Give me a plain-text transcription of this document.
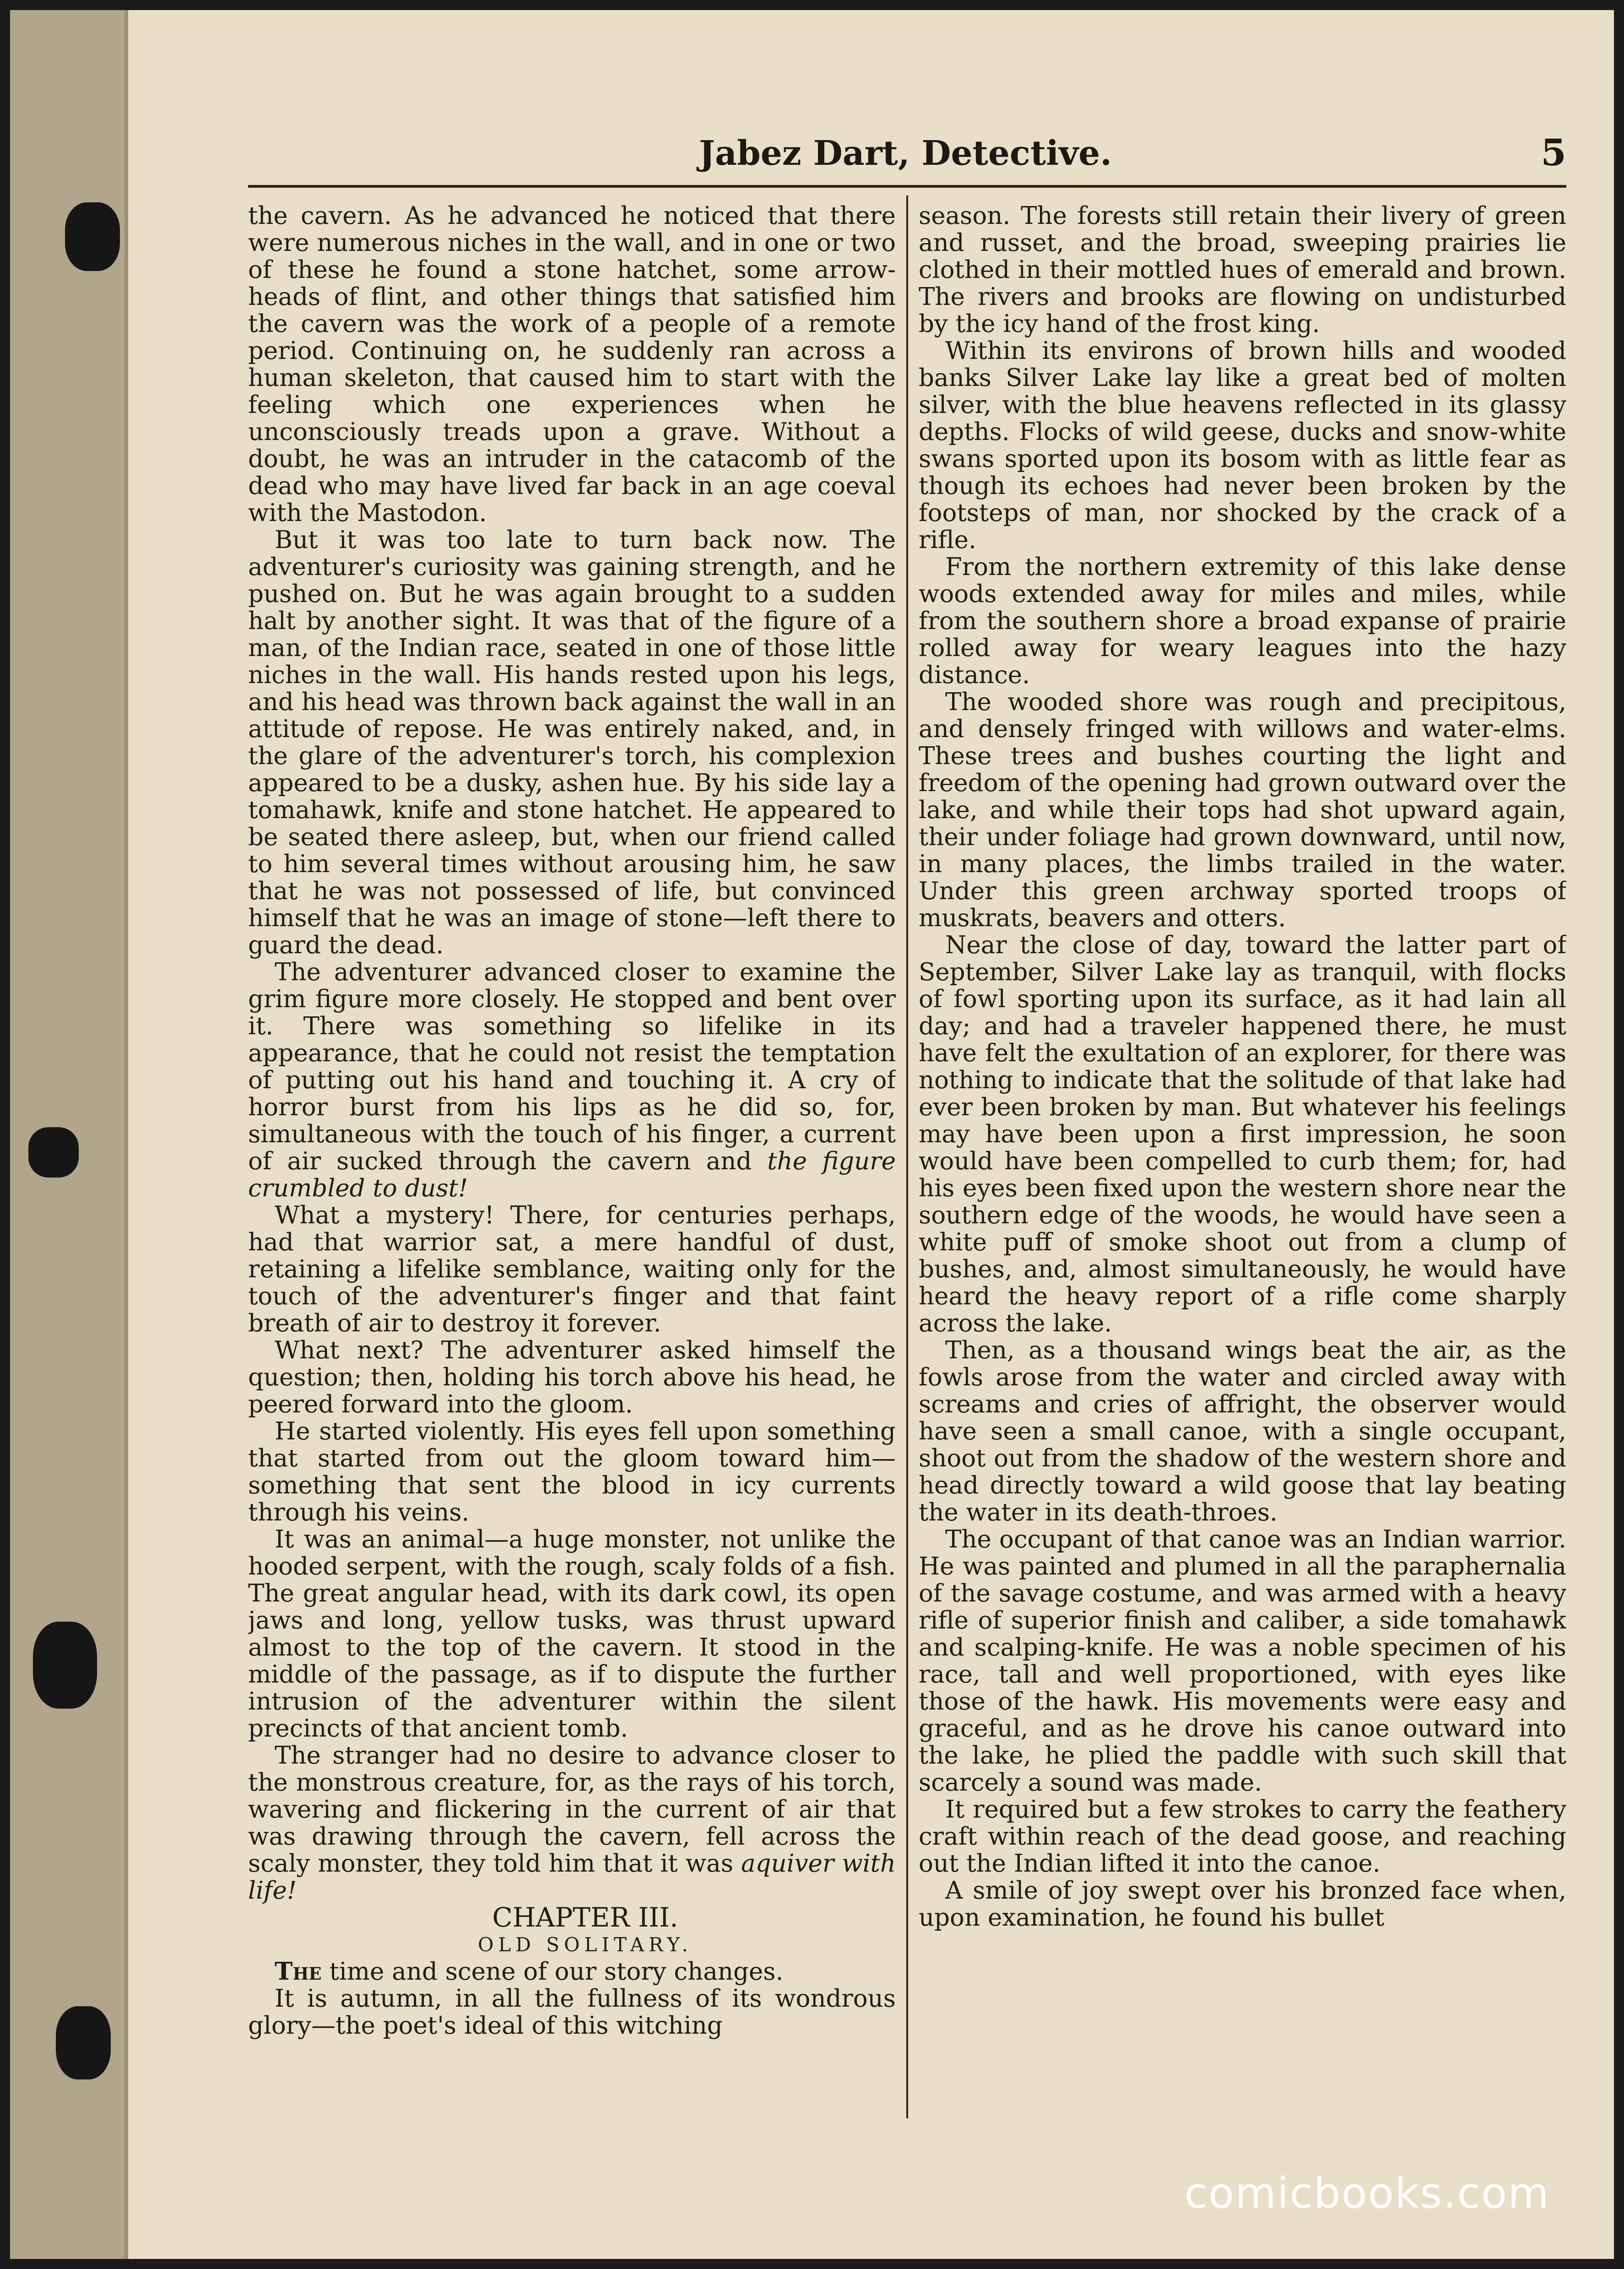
Jabez Dart, Detective.	5

the cavern. As he advanced he noticed that there were numerous niches in the wall, and in one or two of these he found a stone hatchet, some arrow-heads of flint, and other things that satisfied him the cavern was the work of a people of a remote period. Continuing on, he suddenly ran across a human skeleton, that caused him to start with the feeling which one experiences when he unconsciously treads upon a grave. Without a doubt, he was an intruder in the catacomb of the dead who may have lived far back in an age coeval with the Mastodon.

But it was too late to turn back now. The adventurer's curiosity was gaining strength, and he pushed on. But he was again brought to a sudden halt by another sight. It was that of the figure of a man, of the Indian race, seated in one of those little niches in the wall. His hands rested upon his legs, and his head was thrown back against the wall in an attitude of repose. He was entirely naked, and, in the glare of the adventurer's torch, his complexion appeared to be a dusky, ashen hue. By his side lay a tomahawk, knife and stone hatchet. He appeared to be seated there asleep, but, when our friend called to him several times without arousing him, he saw that he was not possessed of life, but convinced himself that he was an image of stone—left there to guard the dead.

The adventurer advanced closer to examine the grim figure more closely. He stopped and bent over it. There was something so lifelike in its appearance, that he could not resist the temptation of putting out his hand and touching it. A cry of horror burst from his lips as he did so, for, simultaneous with the touch of his finger, a current of air sucked through the cavern and the figure crumbled to dust!

What a mystery! There, for centuries perhaps, had that warrior sat, a mere handful of dust, retaining a lifelike semblance, waiting only for the touch of the adventurer's finger and that faint breath of air to destroy it forever.

What next? The adventurer asked himself the question; then, holding his torch above his head, he peered forward into the gloom.

He started violently. His eyes fell upon something that started from out the gloom toward him—something that sent the blood in icy currents through his veins.

It was an animal—a huge monster, not unlike the hooded serpent, with the rough, scaly folds of a fish. The great angular head, with its dark cowl, its open jaws and long, yellow tusks, was thrust upward almost to the top of the cavern. It stood in the middle of the passage, as if to dispute the further intrusion of the adventurer within the silent precincts of that ancient tomb.

The stranger had no desire to advance closer to the monstrous creature, for, as the rays of his torch, wavering and flickering in the current of air that was drawing through the cavern, fell across the scaly monster, they told him that it was aquiver with life!

CHAPTER III.

OLD SOLITARY.

The time and scene of our story changes.

It is autumn, in all the fullness of its wondrous glory—the poet's ideal of this witching

season. The forests still retain their livery of green and russet, and the broad, sweeping prairies lie clothed in their mottled hues of emerald and brown. The rivers and brooks are flowing on undisturbed by the icy hand of the frost king.

Within its environs of brown hills and wooded banks Silver Lake lay like a great bed of molten silver, with the blue heavens reflected in its glassy depths. Flocks of wild geese, ducks and snow-white swans sported upon its bosom with as little fear as though its echoes had never been broken by the footsteps of man, nor shocked by the crack of a rifle.

From the northern extremity of this lake dense woods extended away for miles and miles, while from the southern shore a broad expanse of prairie rolled away for weary leagues into the hazy distance.

The wooded shore was rough and precipitous, and densely fringed with willows and water-elms. These trees and bushes courting the light and freedom of the opening had grown outward over the lake, and while their tops had shot upward again, their under foliage had grown downward, until now, in many places, the limbs trailed in the water. Under this green archway sported troops of muskrats, beavers and otters.

Near the close of day, toward the latter part of September, Silver Lake lay as tranquil, with flocks of fowl sporting upon its surface, as it had lain all day; and had a traveler happened there, he must have felt the exultation of an explorer, for there was nothing to indicate that the solitude of that lake had ever been broken by man. But whatever his feelings may have been upon a first impression, he soon would have been compelled to curb them; for, had his eyes been fixed upon the western shore near the southern edge of the woods, he would have seen a white puff of smoke shoot out from a clump of bushes, and, almost simultaneously, he would have heard the heavy report of a rifle come sharply across the lake.

Then, as a thousand wings beat the air, as the fowls arose from the water and circled away with screams and cries of affright, the observer would have seen a small canoe, with a single occupant, shoot out from the shadow of the western shore and head directly toward a wild goose that lay beating the water in its death-throes.

The occupant of that canoe was an Indian warrior. He was painted and plumed in all the paraphernalia of the savage costume, and was armed with a heavy rifle of superior finish and caliber, a side tomahawk and scalping-knife. He was a noble specimen of his race, tall and well proportioned, with eyes like those of the hawk. His movements were easy and graceful, and as he drove his canoe outward into the lake, he plied the paddle with such skill that scarcely a sound was made.

It required but a few strokes to carry the feathery craft within reach of the dead goose, and reaching out the Indian lifted it into the canoe.

A smile of joy swept over his bronzed face when, upon examination, he found his bullet

comicbooks.com
